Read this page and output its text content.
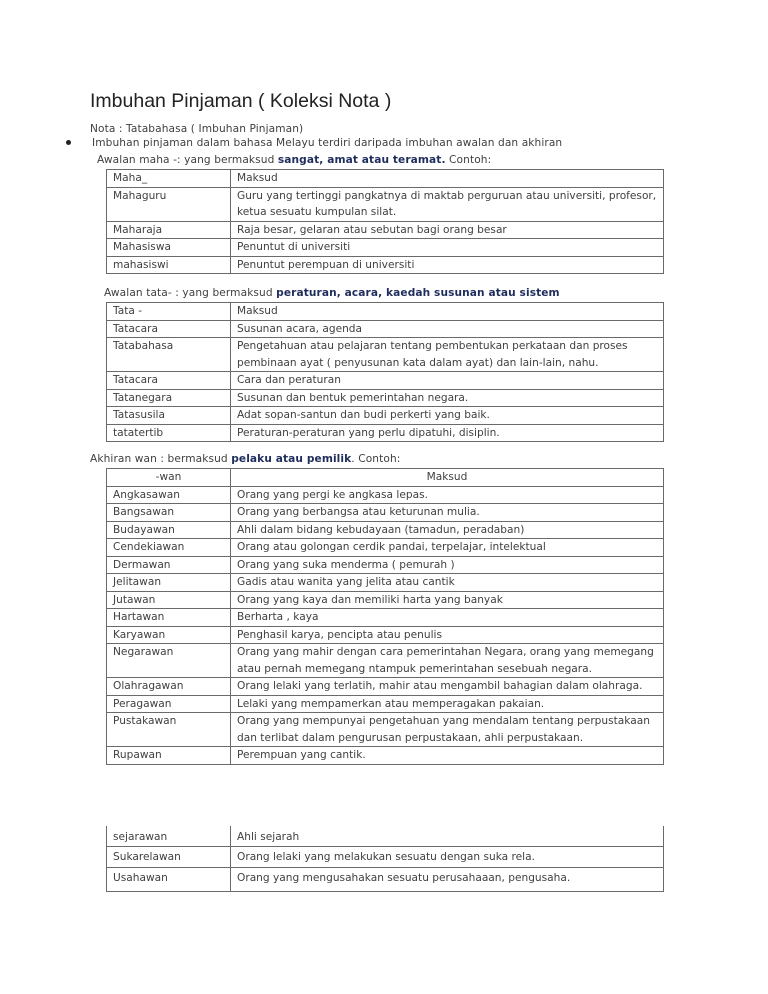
Imbuhan Pinjaman ( Koleksi Nota )
Nota : Tatabahasa ( Imbuhan Pinjaman)
Imbuhan pinjaman dalam bahasa Melayu terdiri daripada imbuhan awalan dan akhiran
Awalan maha -: yang bermaksud sangat, amat atau teramat. Contoh:
Maha_	Maksud
Mahaguru	Guru yang tertinggi pangkatnya di maktab perguruan atau universiti, profesor, ketua sesuatu kumpulan silat.
Maharaja	Raja besar, gelaran atau sebutan bagi orang besar
Mahasiswa	Penuntut di universiti
mahasiswi	Penuntut perempuan di universiti
Awalan tata- : yang bermaksud peraturan, acara, kaedah susunan atau sistem
Tata -	Maksud
Tatacara	Susunan acara, agenda
Tatabahasa	Pengetahuan atau pelajaran tentang pembentukan perkataan dan proses pembinaan ayat ( penyusunan kata dalam ayat) dan lain-lain, nahu.
Tatacara	Cara dan peraturan
Tatanegara	Susunan dan bentuk pemerintahan negara.
Tatasusila	Adat sopan-santun dan budi perkerti yang baik.
tatatertib	Peraturan-peraturan yang perlu dipatuhi, disiplin.
Akhiran wan : bermaksud pelaku atau pemilik. Contoh:
-wan	Maksud
Angkasawan	Orang yang pergi ke angkasa lepas.
Bangsawan	Orang yang berbangsa atau keturunan mulia.
Budayawan	Ahli dalam bidang kebudayaan (tamadun, peradaban)
Cendekiawan	Orang atau golongan cerdik pandai, terpelajar, intelektual
Dermawan	Orang yang suka menderma ( pemurah )
Jelitawan	Gadis atau wanita yang jelita atau cantik
Jutawan	Orang yang kaya dan memiliki harta yang banyak
Hartawan	Berharta , kaya
Karyawan	Penghasil karya, pencipta atau penulis
Negarawan	Orang yang mahir dengan cara pemerintahan Negara, orang yang memegang atau pernah memegang ntampuk pemerintahan sesebuah negara.
Olahragawan	Orang lelaki yang terlatih, mahir atau mengambil bahagian dalam olahraga.
Peragawan	Lelaki yang mempamerkan atau memperagakan pakaian.
Pustakawan	Orang yang mempunyai pengetahuan yang mendalam tentang perpustakaan dan terlibat dalam pengurusan perpustakaan, ahli perpustakaan.
Rupawan	Perempuan yang cantik.
sejarawan	Ahli sejarah
Sukarelawan	Orang lelaki yang melakukan sesuatu dengan suka rela.
Usahawan	Orang yang mengusahakan sesuatu perusahaaan, pengusaha.
